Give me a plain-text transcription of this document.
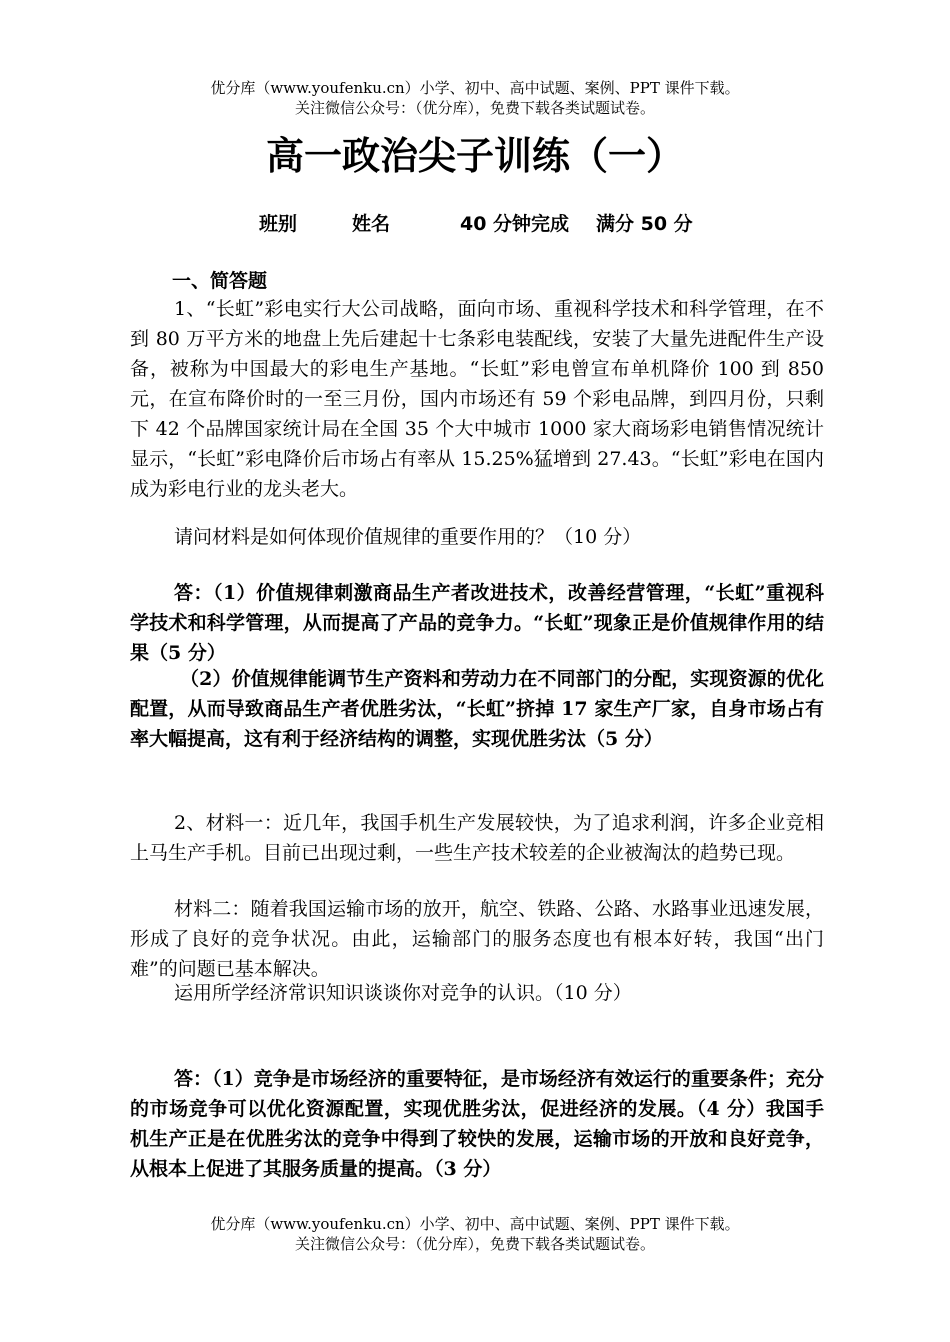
优分库（www.youfenku.cn）小学、初中、高中试题、案例、PPT 课件下载。
关注微信公众号：（优分库），免费下载各类试题试卷。
高一政治尖子训练（一）
班别	姓名	40 分钟完成 满分 50 分
一、简答题
1、“长虹”彩电实行大公司战略，面向市场、重视科学技术和科学管理，在不到 80 万平方米的地盘上先后建起十七条彩电装配线，安装了大量先进配件生产设备，被称为中国最大的彩电生产基地。“长虹”彩电曾宣布单机降价 100 到 850 元，在宣布降价时的一至三月份，国内市场还有 59 个彩电品牌，到四月份，只剩下 42 个品牌国家统计局在全国 35 个大中城市 1000 家大商场彩电销售情况统计显示，“长虹”彩电降价后市场占有率从 15.25%猛增到 27.43。“长虹”彩电在国内成为彩电行业的龙头老大。
请问材料是如何体现价值规律的重要作用的？（10 分）
答：（1）价值规律刺激商品生产者改进技术，改善经营管理，“长虹”重视科学技术和科学管理，从而提高了产品的竞争力。“长虹”现象正是价值规律作用的结果（5 分）
（2）价值规律能调节生产资料和劳动力在不同部门的分配，实现资源的优化配置，从而导致商品生产者优胜劣汰，“长虹”挤掉 17 家生产厂家，自身市场占有率大幅提高，这有利于经济结构的调整，实现优胜劣汰（5 分）
2、材料一：近几年，我国手机生产发展较快，为了追求利润，许多企业竞相上马生产手机。目前已出现过剩，一些生产技术较差的企业被淘汰的趋势已现。
材料二：随着我国运输市场的放开，航空、铁路、公路、水路事业迅速发展，形成了良好的竞争状况。由此，运输部门的服务态度也有根本好转，我国“出门难”的问题已基本解决。
运用所学经济常识知识谈谈你对竞争的认识。（10 分）
答：（1）竞争是市场经济的重要特征，是市场经济有效运行的重要条件；充分的市场竞争可以优化资源配置，实现优胜劣汰，促进经济的发展。（4 分）我国手机生产正是在优胜劣汰的竞争中得到了较快的发展，运输市场的开放和良好竞争，从根本上促进了其服务质量的提高。（3 分）
优分库（www.youfenku.cn）小学、初中、高中试题、案例、PPT 课件下载。
关注微信公众号：（优分库），免费下载各类试题试卷。
